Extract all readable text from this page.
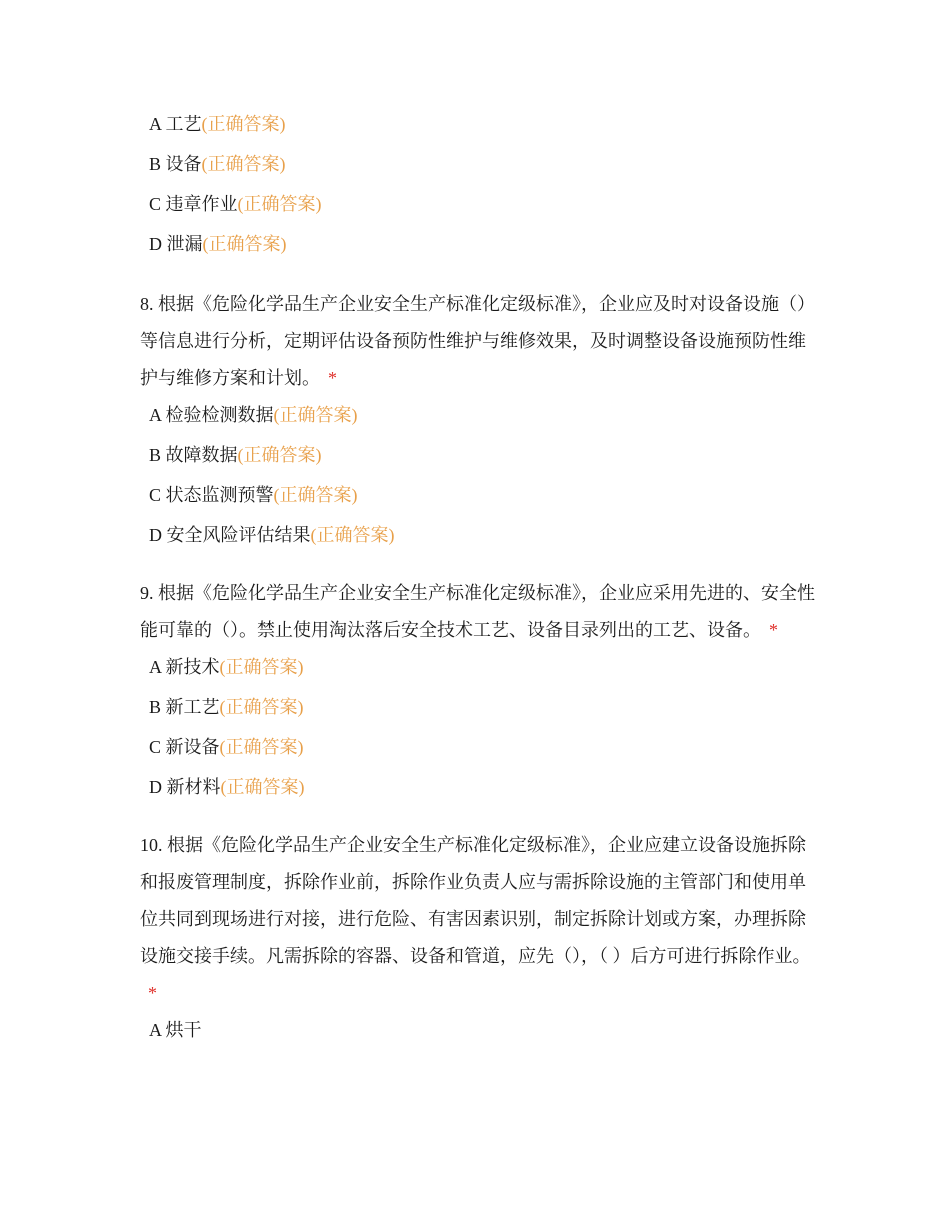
A 工艺(正确答案)
B 设备(正确答案)
C 违章作业(正确答案)
D 泄漏(正确答案)
8. 根据《危险化学品生产企业安全生产标准化定级标准》，企业应及时对设备设施（）等信息进行分析，定期评估设备预防性维护与维修效果，及时调整设备设施预防性维护与维修方案和计划。 *
A 检验检测数据(正确答案)
B 故障数据(正确答案)
C 状态监测预警(正确答案)
D 安全风险评估结果(正确答案)
9. 根据《危险化学品生产企业安全生产标准化定级标准》，企业应采用先进的、安全性能可靠的（）。禁止使用淘汰落后安全技术工艺、设备目录列出的工艺、设备。 *
A 新技术(正确答案)
B 新工艺(正确答案)
C 新设备(正确答案)
D 新材料(正确答案)
10. 根据《危险化学品生产企业安全生产标准化定级标准》，企业应建立设备设施拆除和报废管理制度，拆除作业前，拆除作业负责人应与需拆除设施的主管部门和使用单位共同到现场进行对接，进行危险、有害因素识别，制定拆除计划或方案，办理拆除设施交接手续。凡需拆除的容器、设备和管道，应先（），（ ）后方可进行拆除作业。*
A 烘干
